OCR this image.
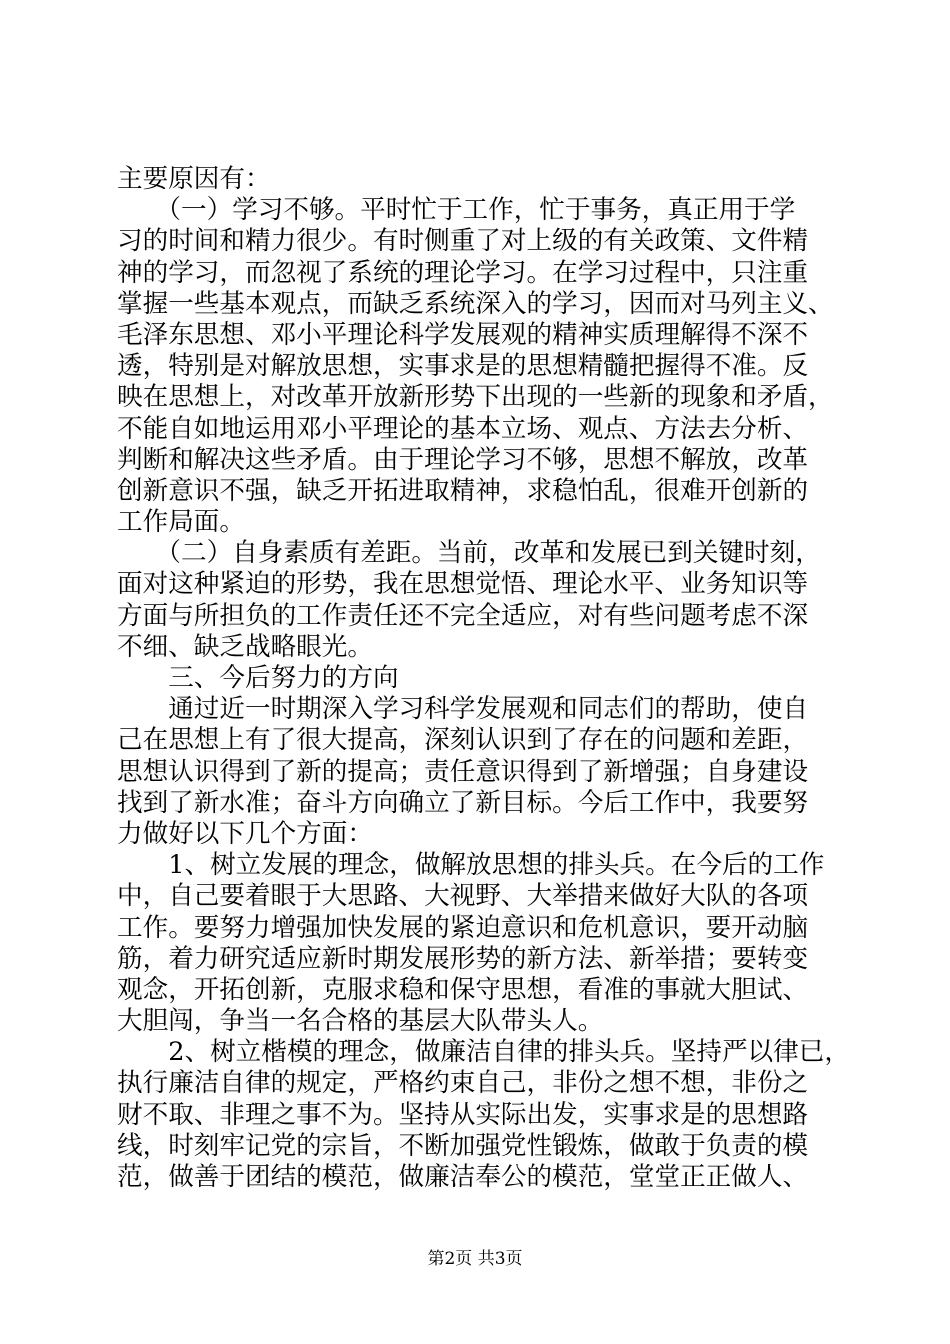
主要原因有：
　　（一）学习不够。平时忙于工作，忙于事务，真正用于学
习的时间和精力很少。有时侧重了对上级的有关政策、文件精
神的学习，而忽视了系统的理论学习。在学习过程中，只注重
掌握一些基本观点，而缺乏系统深入的学习，因而对马列主义、
毛泽东思想、邓小平理论科学发展观的精神实质理解得不深不
透，特别是对解放思想，实事求是的思想精髓把握得不准。反
映在思想上，对改革开放新形势下出现的一些新的现象和矛盾，
不能自如地运用邓小平理论的基本立场、观点、方法去分析、
判断和解决这些矛盾。由于理论学习不够，思想不解放，改革
创新意识不强，缺乏开拓进取精神，求稳怕乱，很难开创新的
工作局面。
　　（二）自身素质有差距。当前，改革和发展已到关键时刻，
面对这种紧迫的形势，我在思想觉悟、理论水平、业务知识等
方面与所担负的工作责任还不完全适应，对有些问题考虑不深
不细、缺乏战略眼光。
　　三、今后努力的方向
　　通过近一时期深入学习科学发展观和同志们的帮助，使自
己在思想上有了很大提高，深刻认识到了存在的问题和差距，
思想认识得到了新的提高；责任意识得到了新增强；自身建设
找到了新水准；奋斗方向确立了新目标。今后工作中，我要努
力做好以下几个方面：
　　1、树立发展的理念，做解放思想的排头兵。在今后的工作
中，自己要着眼于大思路、大视野、大举措来做好大队的各项
工作。要努力增强加快发展的紧迫意识和危机意识，要开动脑
筋，着力研究适应新时期发展形势的新方法、新举措；要转变
观念，开拓创新，克服求稳和保守思想，看准的事就大胆试、
大胆闯，争当一名合格的基层大队带头人。
　　2、树立楷模的理念，做廉洁自律的排头兵。坚持严以律已，
执行廉洁自律的规定，严格约束自己，非份之想不想，非份之
财不取、非理之事不为。坚持从实际出发，实事求是的思想路
线，时刻牢记党的宗旨，不断加强党性锻炼，做敢于负责的模
范，做善于团结的模范，做廉洁奉公的模范，堂堂正正做人、
第2页 共3页
